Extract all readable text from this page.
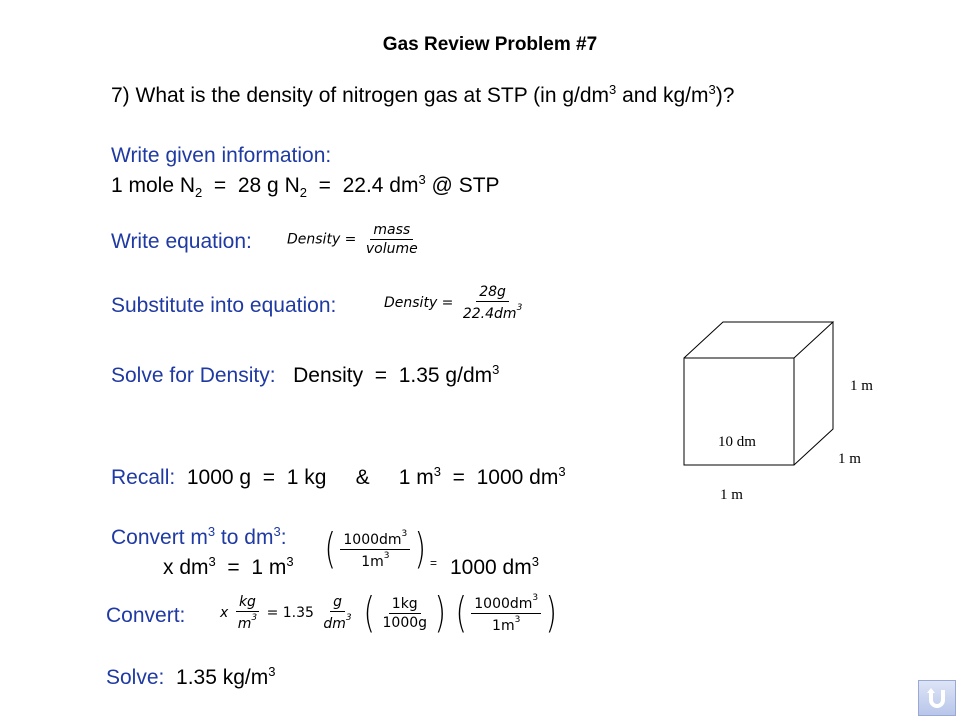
Gas Review Problem #7
7) What is the density of nitrogen gas at STP (in $g/dm^3$ and $kg/m^3$)?
Write given information:
1 mole $N_2 = 28$ g $N_2 = 22.4$ $dm^3$ @ STP
Write equation:	Density = $\frac{\text{mass}}{\text{volume}}$
Substitute into equation:	Density = $\frac{28g}{22.4dm^3}$
Solve for Density: Density  =  1.35 $g/dm^3$
1 m
10 dm
1 m
1 m
Recall: 1000 g  =  1 kg     &     1 $m^3 = 1000$ $dm^3$
Convert $m^3$ to $dm^3$:
x $dm^3 = 1$ $m^3$ ( $\frac{1000dm^3}{1m^3}$ ) = 1000 $dm^3$
Convert: x $\frac{kg}{m^3} = 1.35 \frac{g}{dm^3}$
( $\frac{1kg}{1000g}$ )
( $\frac{1000dm^3}{1m^3}$ )
Solve:  1.35 $kg/m^3$
